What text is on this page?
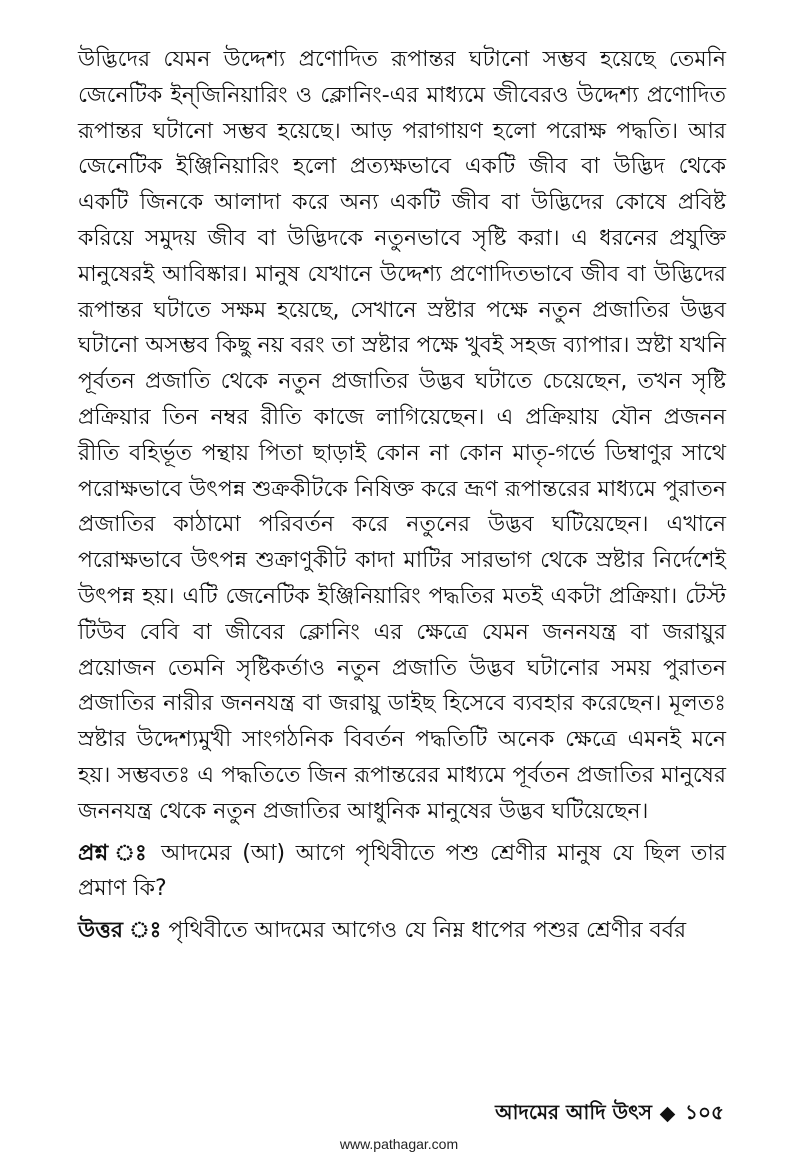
উদ্ভিদের যেমন উদ্দেশ্য প্রণোদিত রূপান্তর ঘটানো সম্ভব হয়েছে তেমনি জেনেটিক ইন্‌জিনিয়ারিং ও ক্লোনিং-এর মাধ্যমে জীবেরও উদ্দেশ্য প্রণোদিত রূপান্তর ঘটানো সম্ভব হয়েছে। আড় পরাগায়ণ হলো পরোক্ষ পদ্ধতি। আর জেনেটিক ইঞ্জিনিয়ারিং হলো প্রত্যক্ষভাবে একটি জীব বা উদ্ভিদ থেকে একটি জিনকে আলাদা করে অন্য একটি জীব বা উদ্ভিদের কোষে প্রবিষ্ট করিয়ে সমুদয় জীব বা উদ্ভিদকে নতুনভাবে সৃষ্টি করা। এ ধরনের প্রযুক্তি মানুষেরই আবিষ্কার। মানুষ যেখানে উদ্দেশ্য প্রণোদিতভাবে জীব বা উদ্ভিদের রূপান্তর ঘটাতে সক্ষম হয়েছে, সেখানে স্রষ্টার পক্ষে নতুন প্রজাতির উদ্ভব ঘটানো অসম্ভব কিছু নয় বরং তা স্রষ্টার পক্ষে খুবই সহজ ব্যাপার। স্রষ্টা যখনি পূর্বতন প্রজাতি থেকে নতুন প্রজাতির উদ্ভব ঘটাতে চেয়েছেন, তখন সৃষ্টি প্রক্রিয়ার তিন নম্বর রীতি কাজে লাগিয়েছেন। এ প্রক্রিয়ায় যৌন প্রজনন রীতি বহির্ভূত পন্থায় পিতা ছাড়াই কোন না কোন মাতৃ-গর্ভে ডিম্বাণুর সাথে পরোক্ষভাবে উৎপন্ন শুক্রকীটকে নিষিক্ত করে ভ্রূণ রূপান্তরের মাধ্যমে পুরাতন প্রজাতির কাঠামো পরিবর্তন করে নতুনের উদ্ভব ঘটিয়েছেন। এখানে পরোক্ষভাবে উৎপন্ন শুক্রাণুকীট কাদা মাটির সারভাগ থেকে স্রষ্টার নির্দেশেই উৎপন্ন হয়। এটি জেনেটিক ইঞ্জিনিয়ারিং পদ্ধতির মতই একটা প্রক্রিয়া। টেস্ট টিউব বেবি বা জীবের ক্লোনিং এর ক্ষেত্রে যেমন জননযন্ত্র বা জরায়ুর প্রয়োজন তেমনি সৃষ্টিকর্তাও নতুন প্রজাতি উদ্ভব ঘটানোর সময় পুরাতন প্রজাতির নারীর জননযন্ত্র বা জরায়ু ডাইছ হিসেবে ব্যবহার করেছেন। মূলতঃ স্রষ্টার উদ্দেশ্যমুখী সাংগঠনিক বিবর্তন পদ্ধতিটি অনেক ক্ষেত্রে এমনই মনে হয়। সম্ভবতঃ এ পদ্ধতিতে জিন রূপান্তরের মাধ্যমে পূর্বতন প্রজাতির মানুষের জননযন্ত্র থেকে নতুন প্রজাতির আধুনিক মানুষের উদ্ভব ঘটিয়েছেন।

প্রশ্ন ঃ আদমের (আ) আগে পৃথিবীতে পশু শ্রেণীর মানুষ যে ছিল তার প্রমাণ কি?

উত্তর ঃ পৃথিবীতে আদমের আগেও যে নিম্ন ধাপের পশুর শ্রেণীর বর্বর

আদমের আদি উৎস ১০৫
www.pathagar.com
